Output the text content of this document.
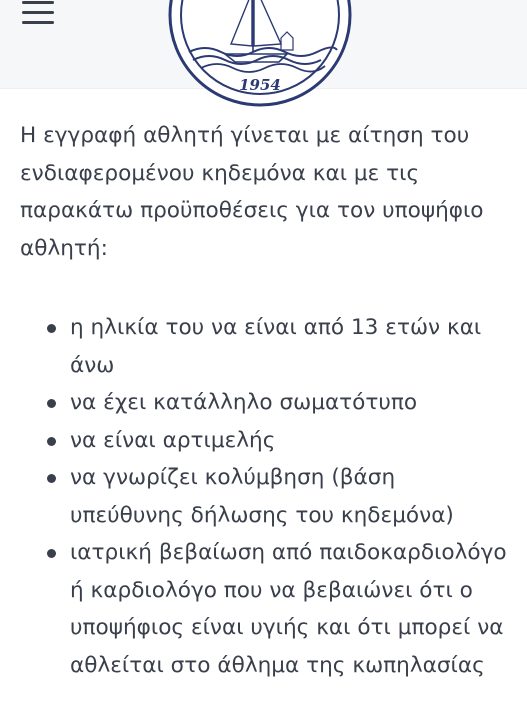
1954

Η εγγραφή αθλητή γίνεται με αίτηση του ενδιαφερομένου κηδεμόνα και με τις παρακάτω προϋποθέσεις για τον υποψήφιο αθλητή:

η ηλικία του να είναι από 13 ετών και άνω
να έχει κατάλληλο σωματότυπο
να είναι αρτιμελής
να γνωρίζει κολύμβηση (βάση υπεύθυνης δήλωσης του κηδεμόνα)
ιατρική βεβαίωση από παιδοκαρδιολόγο ή καρδιολόγο που να βεβαιώνει ότι ο υποψήφιος είναι υγιής και ότι μπορεί να αθλείται στο άθλημα της κωπηλασίας
